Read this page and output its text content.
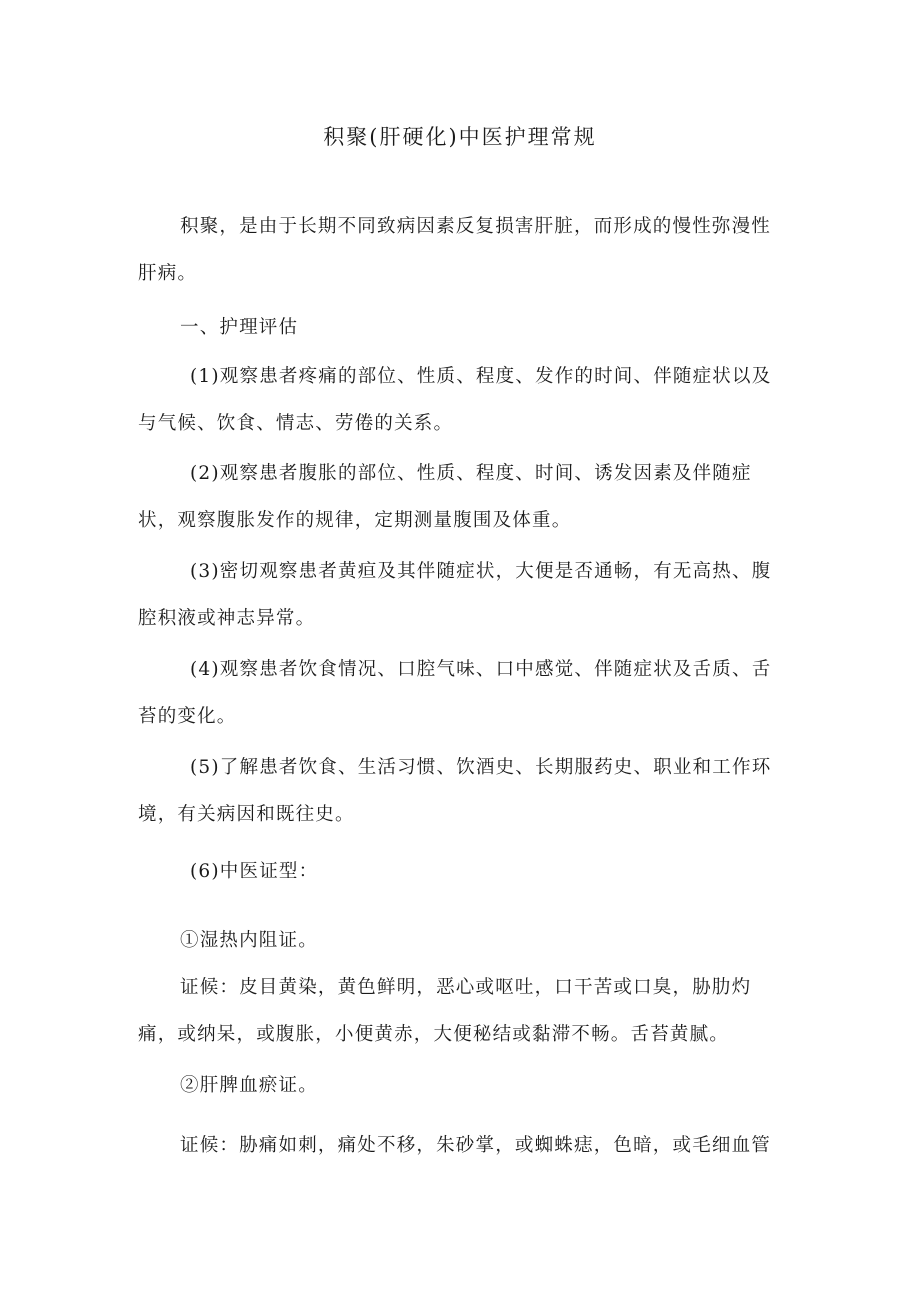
积聚(肝硬化)中医护理常规

积聚，是由于长期不同致病因素反复损害肝脏，而形成的慢性弥漫性肝病。

一、护理评估

(1)观察患者疼痛的部位、性质、程度、发作的时间、伴随症状以及与气候、饮食、情志、劳倦的关系。

(2)观察患者腹胀的部位、性质、程度、时间、诱发因素及伴随症状，观察腹胀发作的规律，定期测量腹围及体重。

(3)密切观察患者黄疸及其伴随症状，大便是否通畅，有无高热、腹腔积液或神志异常。

(4)观察患者饮食情况、口腔气味、口中感觉、伴随症状及舌质、舌苔的变化。

(5)了解患者饮食、生活习惯、饮酒史、长期服药史、职业和工作环境，有关病因和既往史。

(6)中医证型：

①湿热内阻证。

证候：皮目黄染，黄色鲜明，恶心或呕吐，口干苦或口臭，胁肋灼痛，或纳呆，或腹胀，小便黄赤，大便秘结或黏滞不畅。舌苔黄腻。

②肝脾血瘀证。

证候：胁痛如刺，痛处不移，朱砂掌，或蜘蛛痣，色暗，或毛细血管
